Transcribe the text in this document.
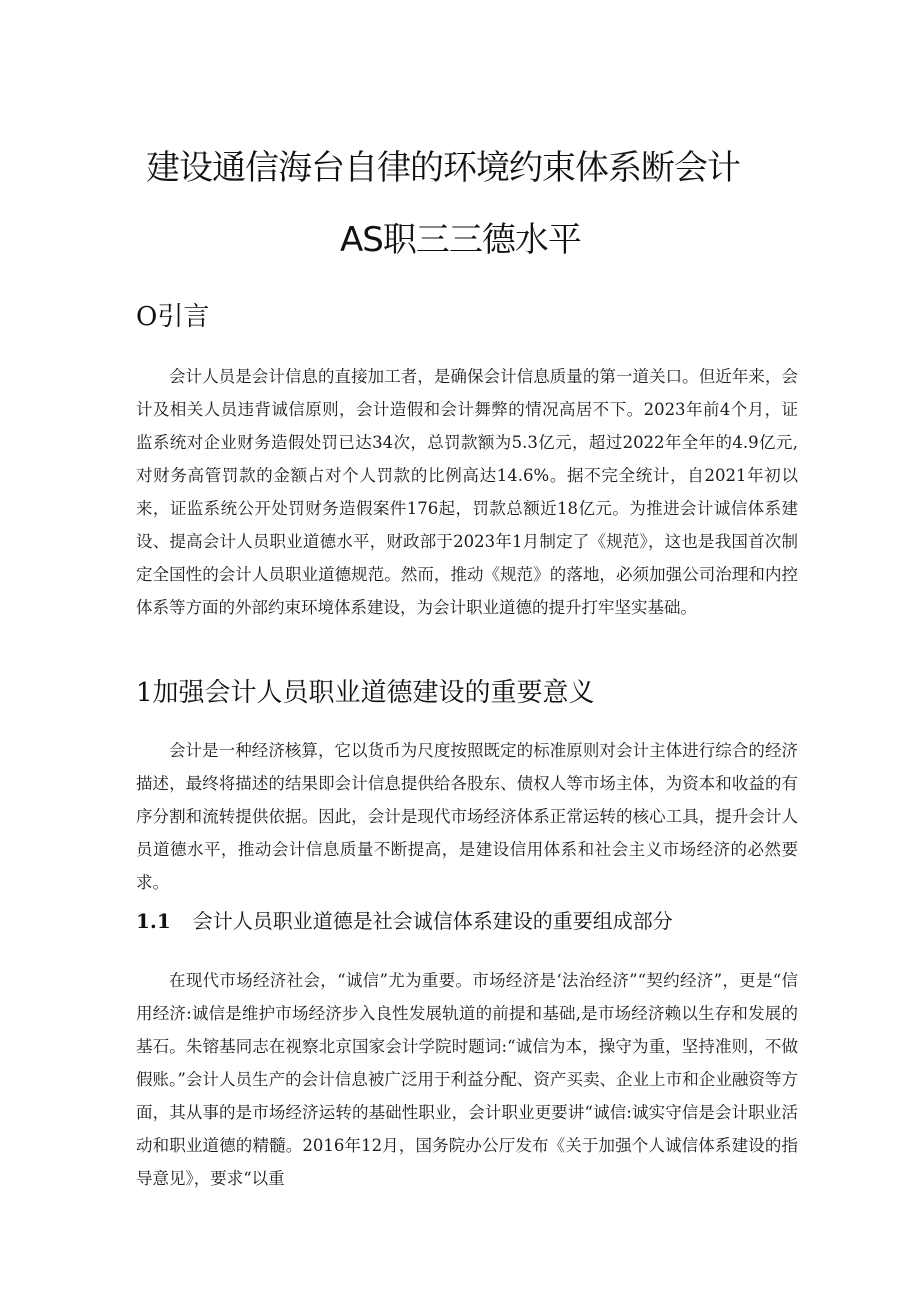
建设通信海台自律的环境约束体系断会计
AS职三三德水平
O引言

会计人员是会计信息的直接加工者，是确保会计信息质量的第一道关口。但近年来，会计及相关人员违背诚信原则，会计造假和会计舞弊的情况高居不下。2023年前4个月，证监系统对企业财务造假处罚已达34次，总罚款额为5.3亿元，超过2022年全年的4.9亿元,对财务高管罚款的金额占对个人罚款的比例高达14.6%。据不完全统计，自2021年初以来，证监系统公开处罚财务造假案件176起，罚款总额近18亿元。为推进会计诚信体系建设、提高会计人员职业道德水平，财政部于2023年1月制定了《规范》，这也是我国首次制定全国性的会计人员职业道德规范。然而，推动《规范》的落地，必须加强公司治理和内控体系等方面的外部约束环境体系建设，为会计职业道德的提升打牢坚实基础。

1加强会计人员职业道德建设的重要意义

会计是一种经济核算，它以货币为尺度按照既定的标准原则对会计主体进行综合的经济描述，最终将描述的结果即会计信息提供给各股东、债权人等市场主体，为资本和收益的有序分割和流转提供依据。因此，会计是现代市场经济体系正常运转的核心工具，提升会计人员道德水平，推动会计信息质量不断提高，是建设信用体系和社会主义市场经济的必然要求。

1.1 会计人员职业道德是社会诚信体系建设的重要组成部分

在现代市场经济社会，“诚信”尤为重要。市场经济是‘法治经济”“契约经济”，更是“信用经济:诚信是维护市场经济步入良性发展轨道的前提和基础,是市场经济赖以生存和发展的基石。朱镕基同志在视察北京国家会计学院时题词:“诚信为本，操守为重，坚持准则，不做假账。”会计人员生产的会计信息被广泛用于利益分配、资产买卖、企业上市和企业融资等方面，其从事的是市场经济运转的基础性职业，会计职业更要讲“诚信:诚实守信是会计职业活动和职业道德的精髓。2016年12月，国务院办公厅发布《关于加强个人诚信体系建设的指导意见》，要求“以重
